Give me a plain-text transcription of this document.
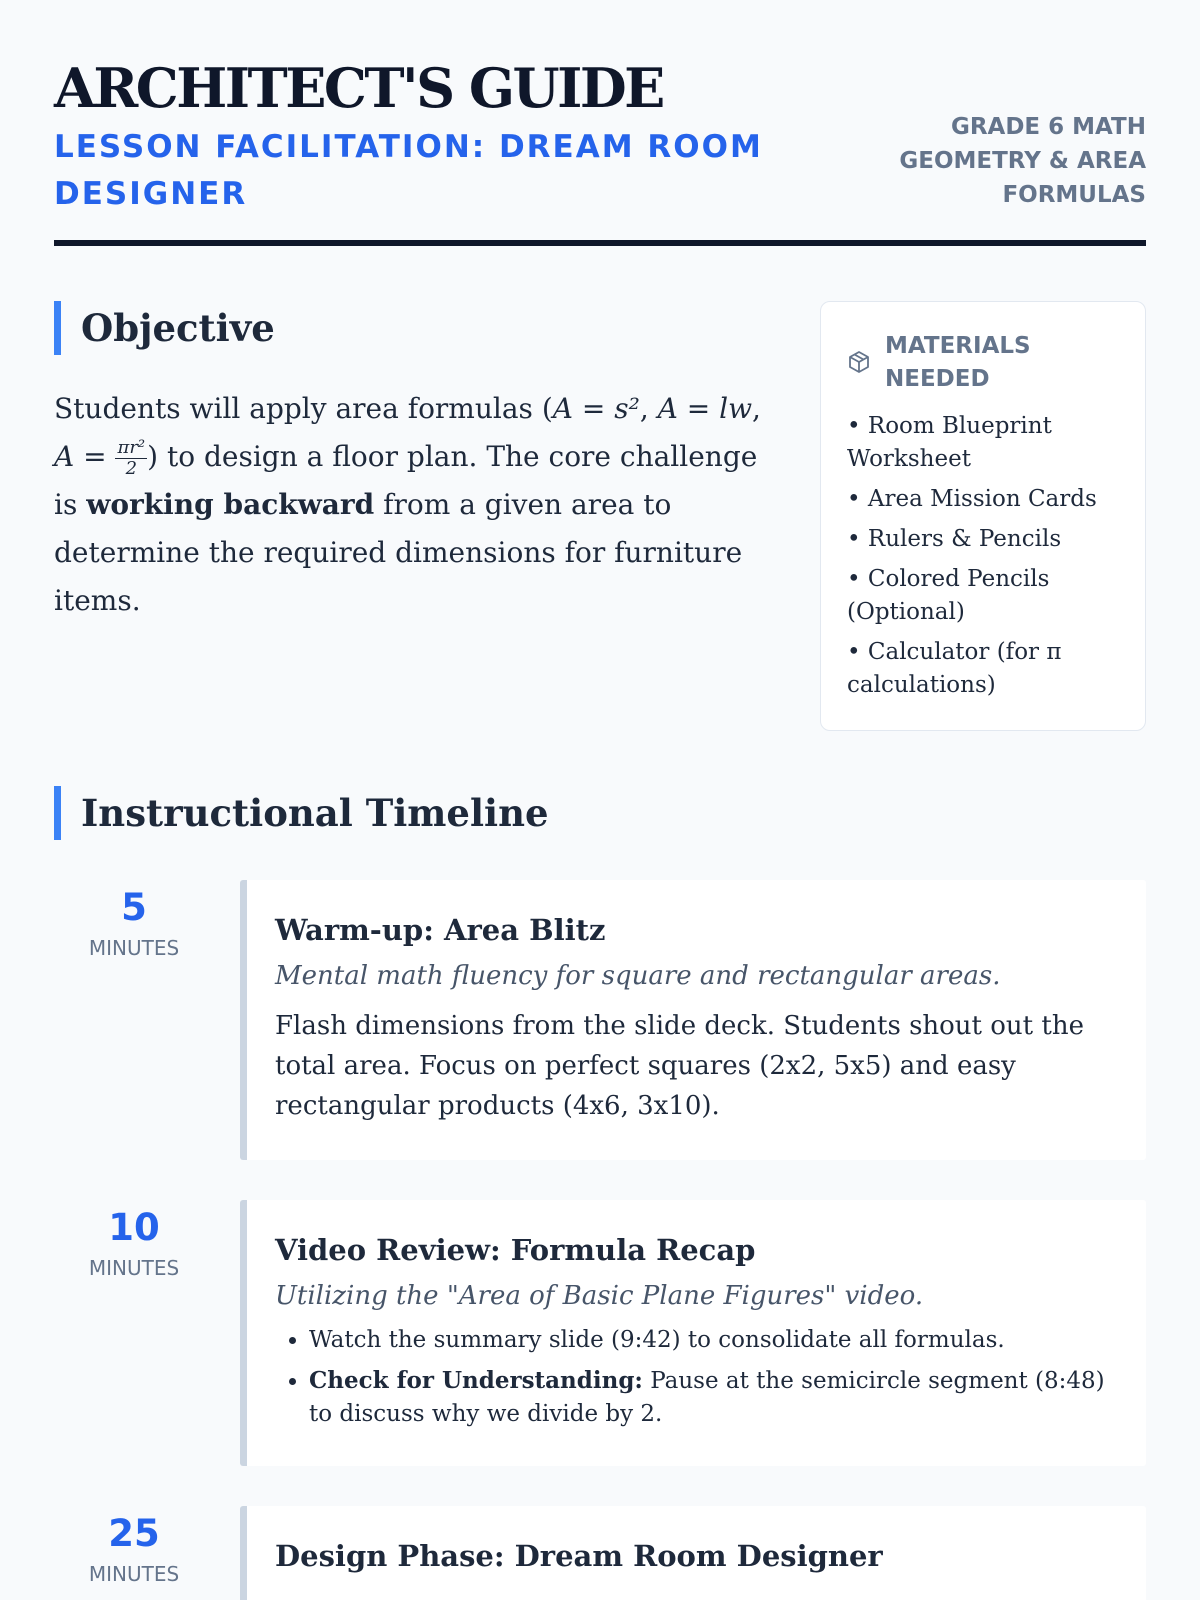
ARCHITECT'S GUIDE
LESSON FACILITATION: DREAM ROOM DESIGNER
GRADE 6 MATH
GEOMETRY & AREA FORMULAS
Objective

Students will apply area formulas (A = s², A = lw, $A = \frac{\text{πr²}}{2}$ ) to design a floor plan. The core challenge is working backward from a given area to determine the required dimensions for furniture items.

MATERIALS NEEDED
• Room Blueprint Worksheet
• Area Mission Cards
• Rulers & Pencils
• Colored Pencils (Optional)
• Calculator (for π calculations)
Instructional Timeline
5
MINUTES
Warm-up: Area Blitz
Mental math fluency for square and rectangular areas.
Flash dimensions from the slide deck. Students shout out the total area. Focus on perfect squares (2x2, 5x5) and easy rectangular products (4x6, 3x10).
10
MINUTES
Video Review: Formula Recap
Utilizing the "Area of Basic Plane Figures" video.
• Watch the summary slide (9:42) to consolidate all formulas.
• Check for Understanding: Pause at the semicircle segment (8:48) to discuss why we divide by 2.
25
MINUTES
Design Phase: Dream Room Designer
